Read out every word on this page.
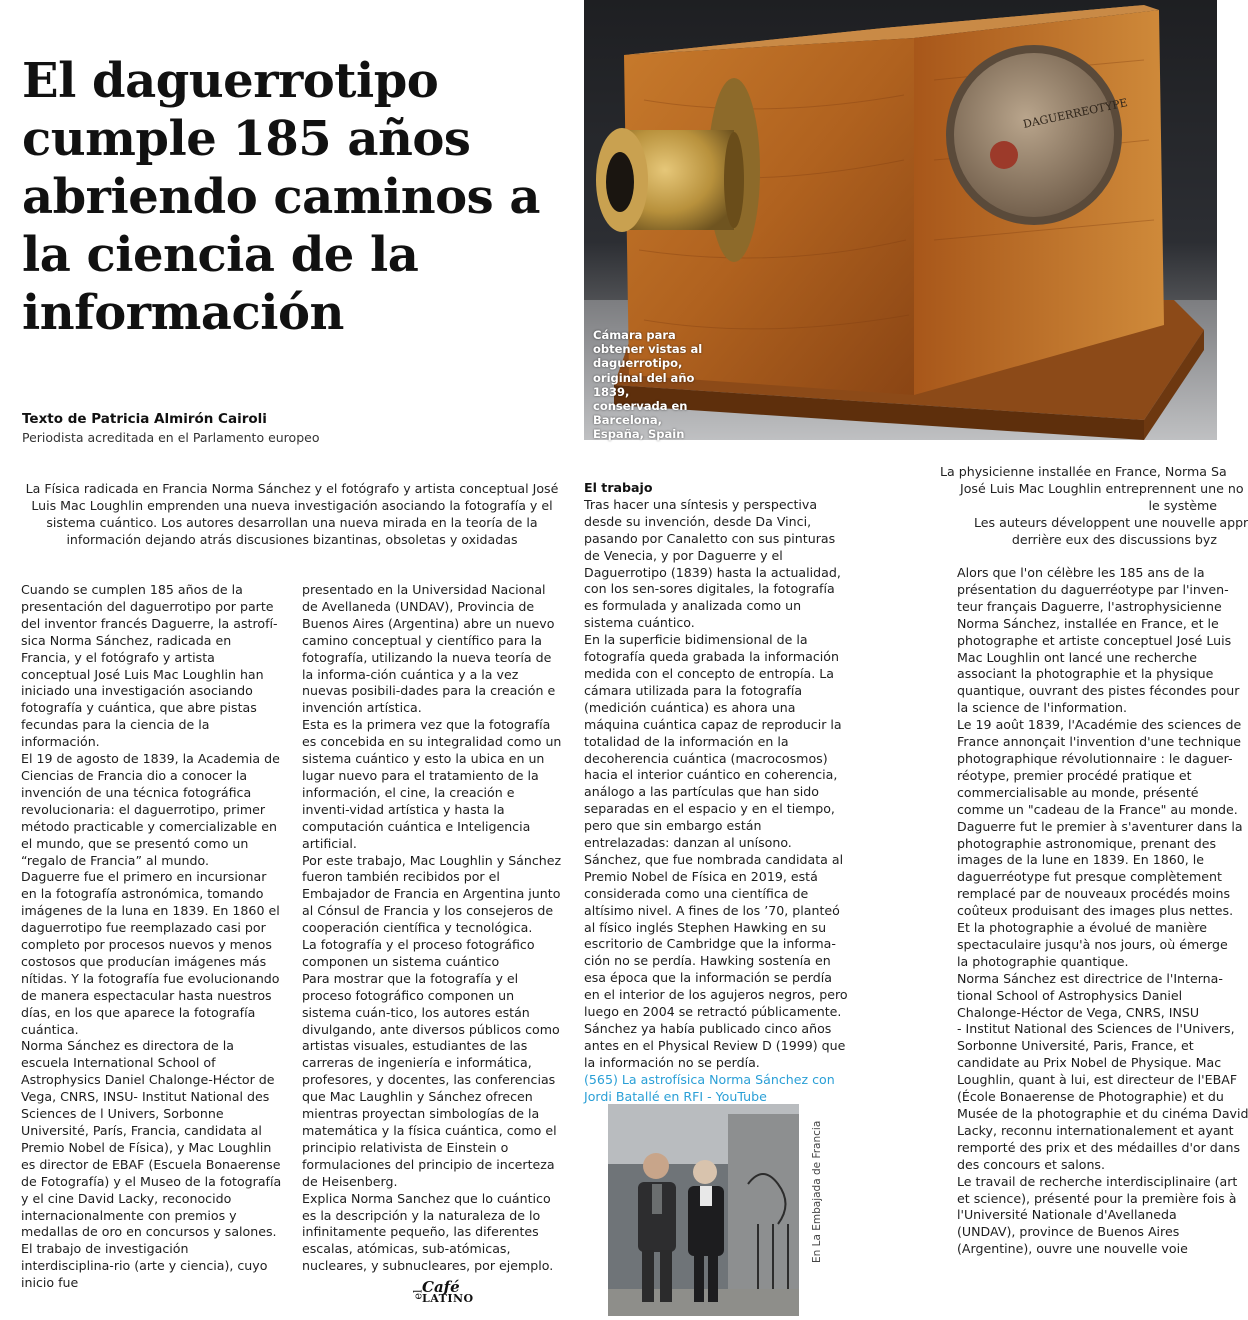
DAGUERREOTYPE
Cámara para obtener vistas al daguerrotipo, original del año 1839, conservada en Barcelona, España, Spain
El daguerrotipo cumple 185 años abriendo caminos a la ciencia de la información
Texto de Patricia Almirón Cairoli
Periodista acreditada en el Parlamento europeo
La Física radicada en Francia Norma Sánchez y el fotógrafo y artista conceptual José Luis Mac Loughlin emprenden una nueva investigación asociando la fotografía y el sistema cuántico. Los autores desarrollan una nueva mirada en la teoría de la información dejando atrás discusiones bizantinas, obsoletas y oxidadas

Cuando se cumplen 185 años de la presentación del daguerrotipo por parte del inventor francés Daguerre, la astrofí-sica Norma Sánchez, radicada en Francia, y el fotógrafo y artista conceptual José Luis Mac Loughlin han iniciado una investigación asociando fotografía y cuántica, que abre pistas fecundas para la ciencia de la información.

El 19 de agosto de 1839, la Academia de Ciencias de Francia dio a conocer la invención de una técnica fotográfica revolucionaria: el daguerrotipo, primer método practicable y comercializable en el mundo, que se presentó como un “regalo de Francia” al mundo.

Daguerre fue el primero en incursionar en la fotografía astronómica, tomando imágenes de la luna en 1839. En 1860 el daguerrotipo fue reemplazado casi por completo por procesos nuevos y menos costosos que producían imágenes más nítidas. Y la fotografía fue evolucionando de manera espectacular hasta nuestros días, en los que aparece la fotografía cuántica.

Norma Sánchez es directora de la escuela International School of Astrophysics Daniel Chalonge-Héctor de Vega, CNRS, INSU- Institut National des Sciences de l Univers, Sorbonne Université, París, Francia, candidata al Premio Nobel de Física), y Mac Loughlin es director de EBAF (Escuela Bonaerense de Fotografía) y el Museo de la fotografía y el cine David Lacky, reconocido internacionalmente con premios y medallas de oro en concursos y salones.

El trabajo de investigación interdisciplina-rio (arte y ciencia), cuyo inicio fue

presentado en la Universidad Nacional de Avellaneda (UNDAV), Provincia de Buenos Aires (Argentina) abre un nuevo camino conceptual y científico para la fotografía, utilizando la nueva teoría de la informa-ción cuántica y a la vez nuevas posibili-dades para la creación e invención artística.

Esta es la primera vez que la fotografía es concebida en su integralidad como un sistema cuántico y esto la ubica en un lugar nuevo para el tratamiento de la información, el cine, la creación e inventi-vidad artística y hasta la computación cuántica e Inteligencia artificial.

Por este trabajo, Mac Loughlin y Sánchez fueron también recibidos por el Embajador de Francia en Argentina junto al Cónsul de Francia y los consejeros de cooperación científica y tecnológica.

La fotografía y el proceso fotográfico componen un sistema cuántico

Para mostrar que la fotografía y el proceso fotográfico componen un sistema cuán-tico, los autores están divulgando, ante diversos públicos como artistas visuales, estudiantes de las carreras de ingeniería e informática, profesores, y docentes, las conferencias que Mac Laughlin y Sánchez ofrecen mientras proyectan simbologías de la matemática y la física cuántica, como el principio relativista de Einstein o formulaciones del principio de incerteza de Heisenberg.

Explica Norma Sanchez que lo cuántico es la descripción y la naturaleza de lo infinitamente pequeño, las diferentes escalas, atómicas, sub-atómicas, nucleares, y subnucleares, por ejemplo.

El trabajo

Tras hacer una síntesis y perspectiva desde su invención, desde Da Vinci, pasando por Canaletto con sus pinturas de Venecia, y por Daguerre y el Daguerrotipo (1839) hasta la actualidad, con los sen-sores digitales, la fotografía es formulada y analizada como un sistema cuántico.

En la superficie bidimensional de la fotografía queda grabada la información medida con el concepto de entropía. La cámara utilizada para la fotografía (medición cuántica) es ahora una máquina cuántica capaz de reproducir la totalidad de la información en la decoherencia cuántica (macrocosmos) hacia el interior cuántico en coherencia, análogo a las partículas que han sido separadas en el espacio y en el tiempo, pero que sin embargo están entrelazadas: danzan al unísono.

Sánchez, que fue nombrada candidata al Premio Nobel de Física en 2019, está considerada como una científica de altísimo nivel. A fines de los ’70, planteó al físico inglés Stephen Hawking en su escritorio de Cambridge que la informa-ción no se perdía. Hawking sostenía en esa época que la información se perdía en el interior de los agujeros negros, pero luego en 2004 se retractó públicamente.

Sánchez ya había publicado cinco años antes en el Physical Review D (1999) que la información no se perdía.

(565) La astrofísica Norma Sánchez con Jordi Batallé en RFI - YouTube

En La Embajada de Francia

La physicienne installée en France, Norma Sa

José Luis Mac Loughlin entreprennent une no

le système

Les auteurs développent une nouvelle appr

derrière eux des discussions byz

Alors que l'on célèbre les 185 ans de la

présentation du daguerréotype par l'inven-

teur français Daguerre, l'astrophysicienne

Norma Sánchez, installée en France, et le

photographe et artiste conceptuel José Luis

Mac Loughlin ont lancé une recherche

associant la photographie et la physique

quantique, ouvrant des pistes fécondes pour

la science de l'information.

Le 19 août 1839, l'Académie des sciences de

France annonçait l'invention d'une technique

photographique révolutionnaire : le daguer-

réotype, premier procédé pratique et

commercialisable au monde, présenté

comme un "cadeau de la France" au monde.

Daguerre fut le premier à s'aventurer dans la

photographie astronomique, prenant des

images de la lune en 1839. En 1860, le

daguerréotype fut presque complètement

remplacé par de nouveaux procédés moins

coûteux produisant des images plus nettes.

Et la photographie a évolué de manière

spectaculaire jusqu'à nos jours, où émerge

la photographie quantique.

Norma Sánchez est directrice de l'Interna-

tional School of Astrophysics Daniel

Chalonge-Héctor de Vega, CNRS, INSU

- Institut National des Sciences de l'Univers,

Sorbonne Université, Paris, France, et

candidate au Prix Nobel de Physique. Mac

Loughlin, quant à lui, est directeur de l'EBAF

(École Bonaerense de Photographie) et du

Musée de la photographie et du cinéma David

Lacky, reconnu internationalement et ayant

remporté des prix et des médailles d'or dans

des concours et salons.

Le travail de recherche interdisciplinaire (art

et science), présenté pour la première fois à

l'Université Nationale d'Avellaneda

(UNDAV), province de Buenos Aires

(Argentine), ouvre une nouvelle voie

el
Café
LATINO
